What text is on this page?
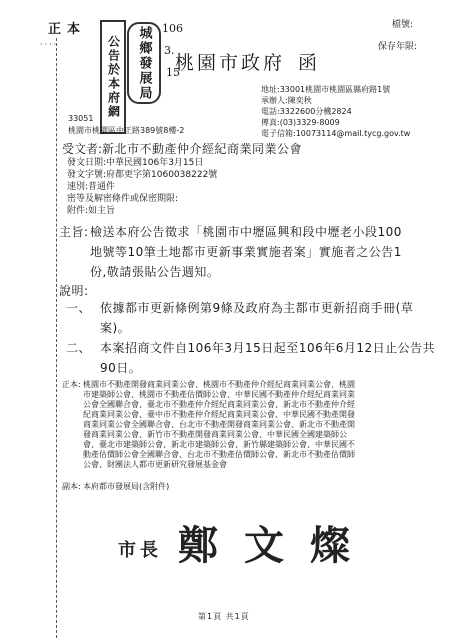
正本
····
檔號:
保存年限:
公告於本府網 城鄉發展局 106
3.
15
桃園市政府 函
地址:33001桃園市桃園區縣府路1號
承辦人:陳奕秋
電話:3322600分機2824
傳真:(03)3329-8009
電子信箱:10073114@mail.tycg.gov.tw
33051
桃園市桃園區中正路389號8樓-2
受文者: 新北市不動產仲介經紀商業同業公會
發文日期:中華民國106年3月15日
發文字號:府都更字第1060038222號
速別:普通件
密等及解密條件或保密期限:
附件:如主旨
主旨: 檢送本府公告徵求「桃園市中壢區興和段中壢老小段100
地號等10筆土地都市更新事業實施者案」實施者之公告1
份,敬請張貼公告週知。
說明:
一、 依據都市更新條例第9條及政府為主都市更新招商手冊(草
案)。
二、 本案招商文件自106年3月15日起至106年6月12日止公告共
90日。
正本: 桃園市不動產開發商業同業公會、桃園市不動產仲介經紀商業同業公會、桃園
市建築師公會、桃園市不動產估價師公會、中華民國不動產仲介經紀商業同業
公會全國聯合會、臺北市不動產仲介經紀商業同業公會、新北市不動產仲介經
紀商業同業公會、臺中市不動產仲介經紀商業同業公會、中華民國不動產開發
商業同業公會全國聯合會、台北市不動產開發商業同業公會、新北市不動產開
發商業同業公會、新竹市不動產開發商業同業公會、中華民國全國建築師公
會、臺北市建築師公會、新北市建築師公會、新竹縣建築師公會、中華民國不
動產估價師公會全國聯合會、台北市不動產估價師公會、新北市不動產估價師
公會、財團法人都市更新研究發展基金會
副本: 本府都市發展局(含附件)
市長 鄭 文 燦
第1頁 共1頁
